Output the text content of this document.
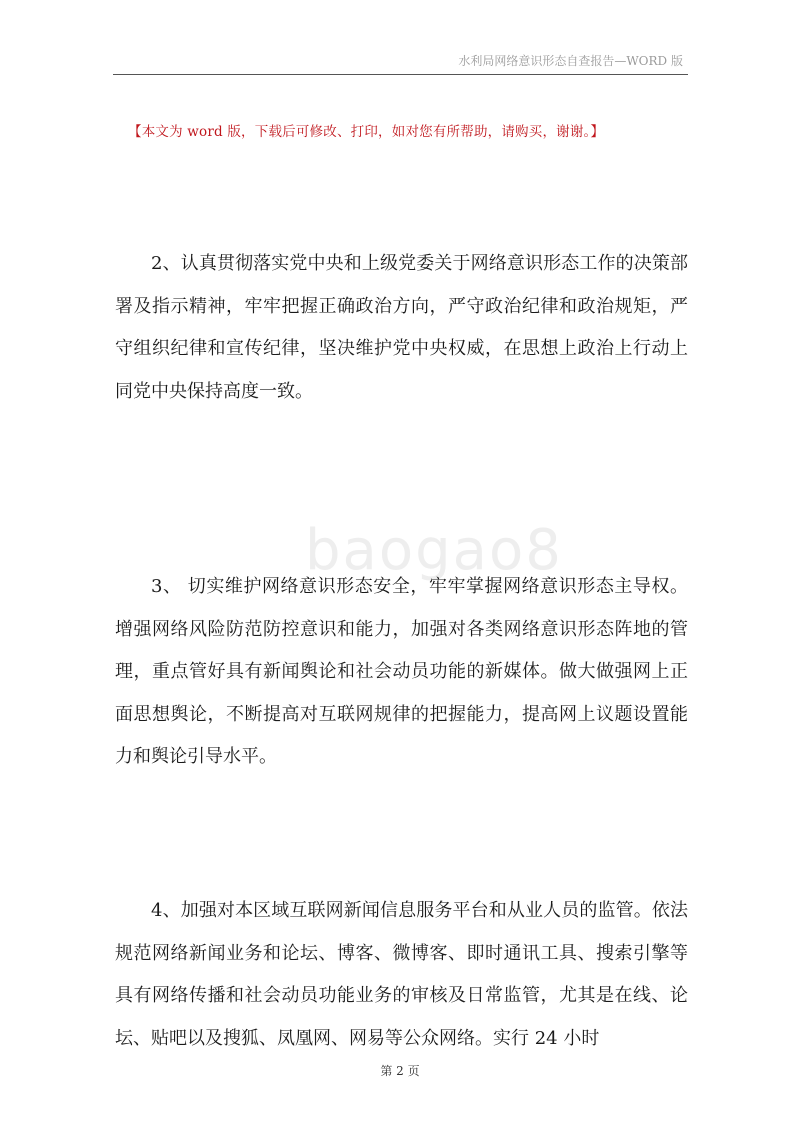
水利局网络意识形态自查报告—WORD 版
【本文为 word 版，下载后可修改、打印，如对您有所帮助，请购买，谢谢。】
baogao8

2、认真贯彻落实党中央和上级党委关于网络意识形态工作的决策部署及指示精神，牢牢把握正确政治方向，严守政治纪律和政治规矩，严守组织纪律和宣传纪律，坚决维护党中央权威，在思想上政治上行动上同党中央保持高度一致。

3、 切实维护网络意识形态安全，牢牢掌握网络意识形态主导权。增强网络风险防范防控意识和能力，加强对各类网络意识形态阵地的管理，重点管好具有新闻舆论和社会动员功能的新媒体。做大做强网上正面思想舆论，不断提高对互联网规律的把握能力，提高网上议题设置能力和舆论引导水平。

4、加强对本区域互联网新闻信息服务平台和从业人员的监管。依法规范网络新闻业务和论坛、博客、微博客、即时通讯工具、搜索引擎等具有网络传播和社会动员功能业务的审核及日常监管，尤其是在线、论坛、贴吧以及搜狐、凤凰网、网易等公众网络。实行 24 小时

第 2 页
